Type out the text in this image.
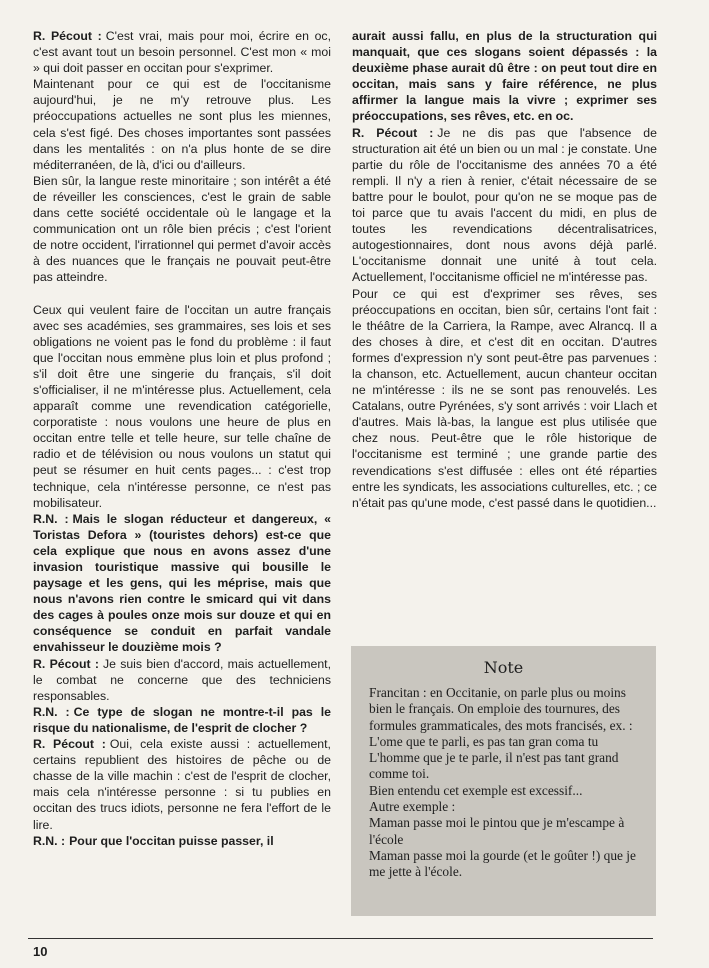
R. Pécout : C'est vrai, mais pour moi, écrire en oc, c'est avant tout un besoin personnel. C'est mon « moi » qui doit passer en occitan pour s'exprimer.

Maintenant pour ce qui est de l'occitanisme aujourd'hui, je ne m'y retrouve plus. Les préoccupations actuelles ne sont plus les miennes, cela s'est figé. Des choses importantes sont passées dans les mentalités : on n'a plus honte de se dire méditerranéen, de là, d'ici ou d'ailleurs.

Bien sûr, la langue reste minoritaire ; son intérêt a été de réveiller les consciences, c'est le grain de sable dans cette société occidentale où le langage et la communication ont un rôle bien précis ; c'est l'orient de notre occident, l'irrationnel qui permet d'avoir accès à des nuances que le français ne pouvait peut-être pas atteindre.

Ceux qui veulent faire de l'occitan un autre français avec ses académies, ses grammaires, ses lois et ses obligations ne voient pas le fond du problème : il faut que l'occitan nous emmène plus loin et plus profond ; s'il doit être une singerie du français, s'il doit s'officialiser, il ne m'intéresse plus. Actuellement, cela apparaît comme une revendication catégorielle, corporatiste : nous voulons une heure de plus en occitan entre telle et telle heure, sur telle chaîne de radio et de télévision ou nous voulons un statut qui peut se résumer en huit cents pages... : c'est trop technique, cela n'intéresse personne, ce n'est pas mobilisateur.

R.N. : Mais le slogan réducteur et dangereux, « Toristas Defora » (touristes dehors) est-ce que cela explique que nous en avons assez d'une invasion touristique massive qui bousille le paysage et les gens, qui les méprise, mais que nous n'avons rien contre le smicard qui vit dans des cages à poules onze mois sur douze et qui en conséquence se conduit en parfait vandale envahisseur le douzième mois ?

R. Pécout : Je suis bien d'accord, mais actuellement, le combat ne concerne que des techniciens responsables.

R.N. : Ce type de slogan ne montre-t-il pas le risque du nationalisme, de l'esprit de clocher ?

R. Pécout : Oui, cela existe aussi : actuellement, certains republient des histoires de pêche ou de chasse de la ville machin : c'est de l'esprit de clocher, mais cela n'intéresse personne : si tu publies en occitan des trucs idiots, personne ne fera l'effort de le lire.

R.N. : Pour que l'occitan puisse passer, il

aurait aussi fallu, en plus de la structuration qui manquait, que ces slogans soient dépassés : la deuxième phase aurait dû être : on peut tout dire en occitan, mais sans y faire référence, ne plus affirmer la langue mais la vivre ; exprimer ses préoccupations, ses rêves, etc. en oc.

R. Pécout : Je ne dis pas que l'absence de structuration ait été un bien ou un mal : je constate. Une partie du rôle de l'occitanisme des années 70 a été rempli. Il n'y a rien à renier, c'était nécessaire de se battre pour le boulot, pour qu'on ne se moque pas de toi parce que tu avais l'accent du midi, en plus de toutes les revendications décentralisatrices, autogestionnaires, dont nous avons déjà parlé. L'occitanisme donnait une unité à tout cela. Actuellement, l'occitanisme officiel ne m'intéresse pas.

Pour ce qui est d'exprimer ses rêves, ses préoccupations en occitan, bien sûr, certains l'ont fait : le théâtre de la Carriera, la Rampe, avec Alrancq. Il a des choses à dire, et c'est dit en occitan. D'autres formes d'expression n'y sont peut-être pas parvenues : la chanson, etc. Actuellement, aucun chanteur occitan ne m'intéresse : ils ne se sont pas renouvelés. Les Catalans, outre Pyrénées, s'y sont arrivés : voir Llach et d'autres. Mais là-bas, la langue est plus utilisée que chez nous. Peut-être que le rôle historique de l'occitanisme est terminé ; une grande partie des revendications s'est diffusée : elles ont été réparties entre les syndicats, les associations culturelles, etc. ; ce n'était pas qu'une mode, c'est passé dans le quotidien...

Note
Francitan : en Occitanie, on parle plus ou moins bien le français. On emploie des tournures, des formules grammaticales, des mots francisés, ex. :
L'ome que te parli, es pas tan gran coma tu
L'homme que je te parle, il n'est pas tant grand comme toi.
Bien entendu cet exemple est excessif...
Autre exemple :
Maman passe moi le pintou que je m'escampe à l'école
Maman passe moi la gourde (et le goûter !) que je me jette à l'école.
10
